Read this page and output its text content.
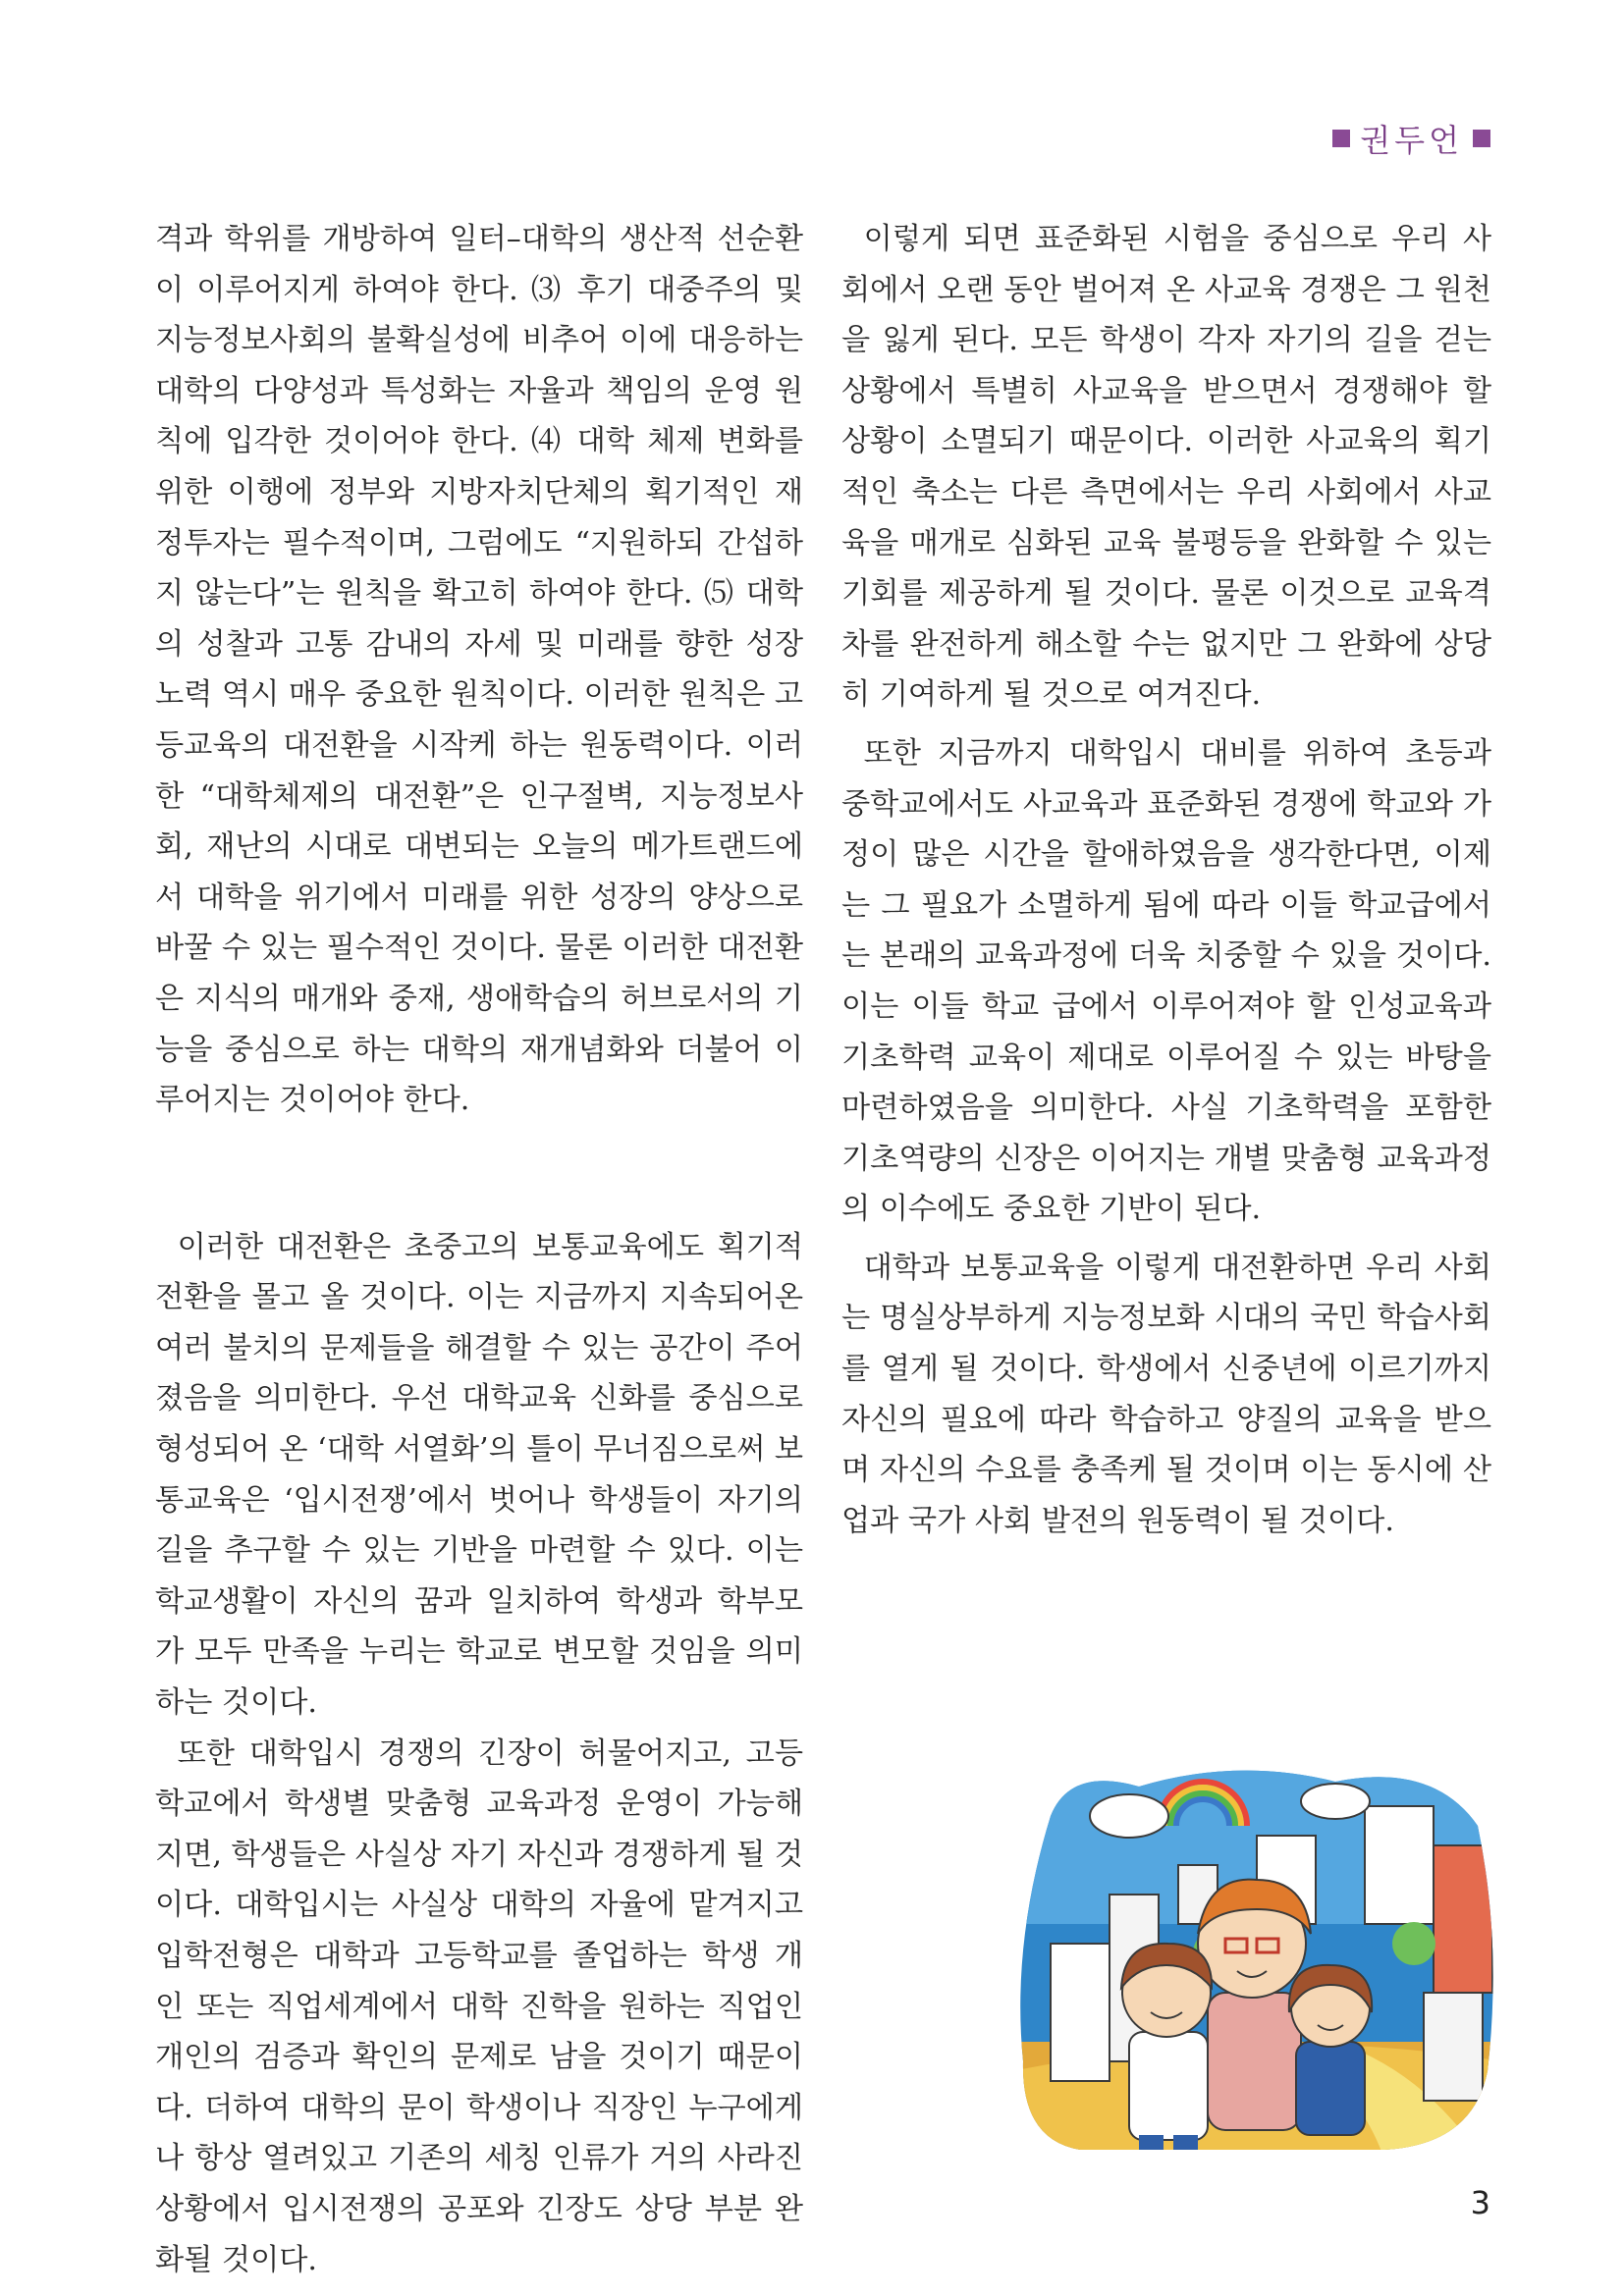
권두언

격과 학위를 개방하여 일터–대학의 생산적 선순환이 이루어지게 하여야 한다. ⑶ 후기 대중주의 및 지능정보사회의 불확실성에 비추어 이에 대응하는 대학의 다양성과 특성화는 자율과 책임의 운영 원칙에 입각한 것이어야 한다. ⑷ 대학 체제 변화를 위한 이행에 정부와 지방자치단체의 획기적인 재정투자는 필수적이며, 그럼에도 “지원하되 간섭하지 않는다”는 원칙을 확고히 하여야 한다. ⑸ 대학의 성찰과 고통 감내의 자세 및 미래를 향한 성장 노력 역시 매우 중요한 원칙이다. 이러한 원칙은 고등교육의 대전환을 시작케 하는 원동력이다. 이러한 “대학체제의 대전환”은 인구절벽, 지능정보사회, 재난의 시대로 대변되는 오늘의 메가트랜드에서 대학을 위기에서 미래를 위한 성장의 양상으로 바꿀 수 있는 필수적인 것이다. 물론 이러한 대전환은 지식의 매개와 중재, 생애학습의 허브로서의 기능을 중심으로 하는 대학의 재개념화와 더불어 이루어지는 것이어야 한다.

이러한 대전환은 초중고의 보통교육에도 획기적 전환을 몰고 올 것이다. 이는 지금까지 지속되어온 여러 불치의 문제들을 해결할 수 있는 공간이 주어졌음을 의미한다. 우선 대학교육 신화를 중심으로 형성되어 온 ‘대학 서열화’의 틀이 무너짐으로써 보통교육은 ‘입시전쟁’에서 벗어나 학생들이 자기의 길을 추구할 수 있는 기반을 마련할 수 있다. 이는 학교생활이 자신의 꿈과 일치하여 학생과 학부모가 모두 만족을 누리는 학교로 변모할 것임을 의미하는 것이다.

또한 대학입시 경쟁의 긴장이 허물어지고, 고등학교에서 학생별 맞춤형 교육과정 운영이 가능해지면, 학생들은 사실상 자기 자신과 경쟁하게 될 것이다. 대학입시는 사실상 대학의 자율에 맡겨지고 입학전형은 대학과 고등학교를 졸업하는 학생 개인 또는 직업세계에서 대학 진학을 원하는 직업인 개인의 검증과 확인의 문제로 남을 것이기 때문이다. 더하여 대학의 문이 학생이나 직장인 누구에게나 항상 열려있고 기존의 세칭 인류가 거의 사라진 상황에서 입시전쟁의 공포와 긴장도 상당 부분 완화될 것이다.

이렇게 되면 표준화된 시험을 중심으로 우리 사회에서 오랜 동안 벌어져 온 사교육 경쟁은 그 원천을 잃게 된다. 모든 학생이 각자 자기의 길을 걷는 상황에서 특별히 사교육을 받으면서 경쟁해야 할 상황이 소멸되기 때문이다. 이러한 사교육의 획기적인 축소는 다른 측면에서는 우리 사회에서 사교육을 매개로 심화된 교육 불평등을 완화할 수 있는 기회를 제공하게 될 것이다. 물론 이것으로 교육격차를 완전하게 해소할 수는 없지만 그 완화에 상당히 기여하게 될 것으로 여겨진다.

또한 지금까지 대학입시 대비를 위하여 초등과 중학교에서도 사교육과 표준화된 경쟁에 학교와 가정이 많은 시간을 할애하였음을 생각한다면, 이제는 그 필요가 소멸하게 됨에 따라 이들 학교급에서는 본래의 교육과정에 더욱 치중할 수 있을 것이다. 이는 이들 학교 급에서 이루어져야 할 인성교육과 기초학력 교육이 제대로 이루어질 수 있는 바탕을 마련하였음을 의미한다. 사실 기초학력을 포함한 기초역량의 신장은 이어지는 개별 맞춤형 교육과정의 이수에도 중요한 기반이 된다.

대학과 보통교육을 이렇게 대전환하면 우리 사회는 명실상부하게 지능정보화 시대의 국민 학습사회를 열게 될 것이다. 학생에서 신중년에 이르기까지 자신의 필요에 따라 학습하고 양질의 교육을 받으며 자신의 수요를 충족케 될 것이며 이는 동시에 산업과 국가 사회 발전의 원동력이 될 것이다.

3
